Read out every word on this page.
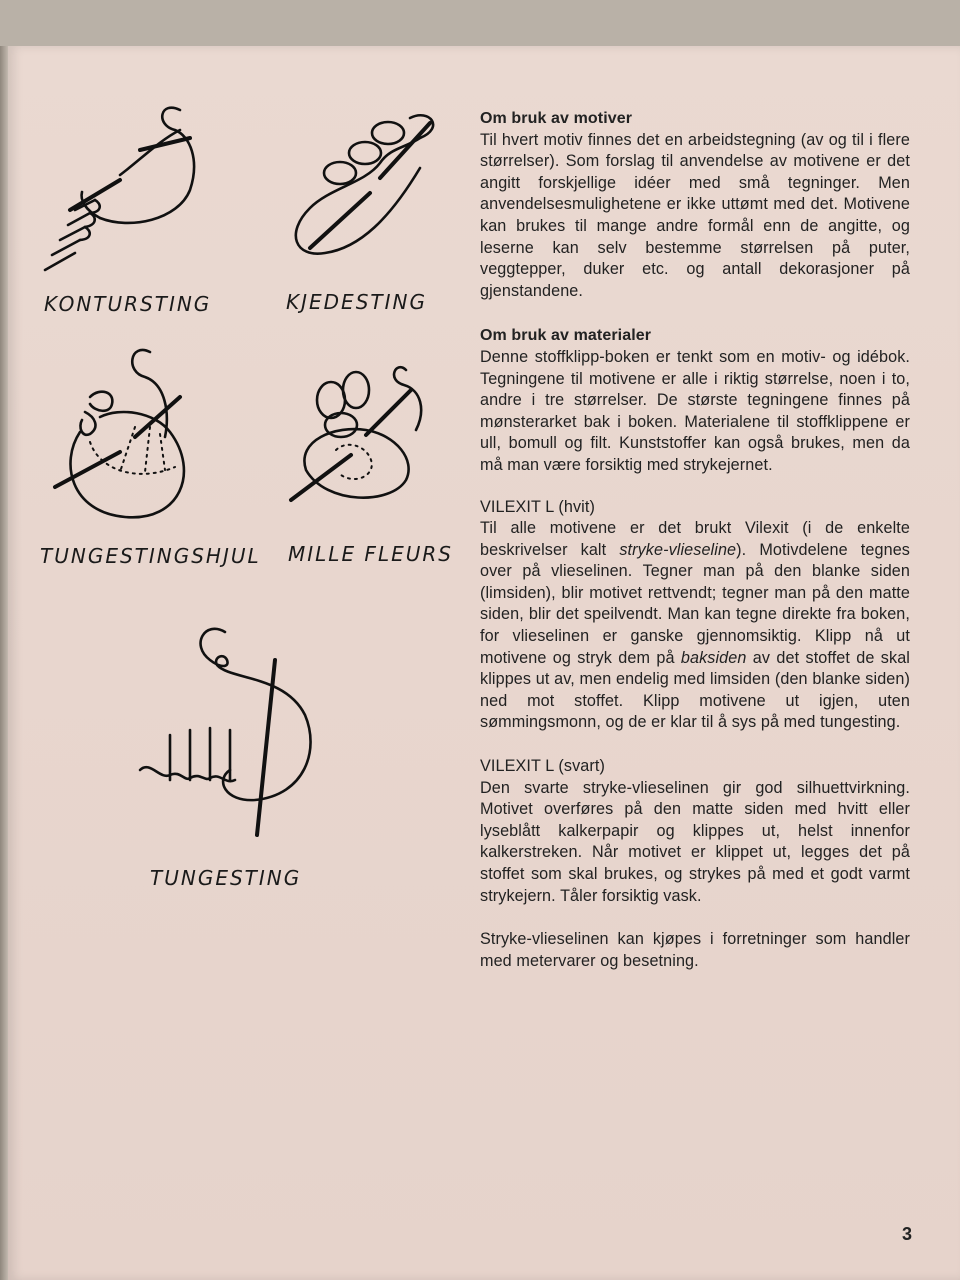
KONTURSTING	KJEDESTING
TUNGESTINGSHJUL MILLE FLEURS
TUNGESTING
Om bruk av motiver

Til hvert motiv finnes det en arbeidstegning (av og til i flere størrelser). Som forslag til anvendelse av motivene er det angitt forskjellige idéer med små tegninger. Men anvendelsesmulighetene er ikke uttømt med det. Motivene kan brukes til mange andre formål enn de angitte, og leserne kan selv bestemme størrelsen på puter, veggtepper, duker etc. og antall dekorasjoner på gjenstandene.

Om bruk av materialer

Denne stoffklipp-boken er tenkt som en motiv- og idébok. Tegningene til motivene er alle i riktig størrelse, noen i to, andre i tre størrelser. De største tegningene finnes på mønsterarket bak i boken. Materialene til stoffklippene er ull, bomull og filt. Kunststoffer kan også brukes, men da må man være forsiktig med strykejernet.

VILEXIT L (hvit)

Til alle motivene er det brukt Vilexit (i de enkelte beskrivelser kalt stryke-vlieseline). Motivdelene tegnes over på vlieselinen. Tegner man på den blanke siden (limsiden), blir motivet rettvendt; tegner man på den matte siden, blir det speilvendt. Man kan tegne direkte fra boken, for vlieselinen er ganske gjennomsiktig. Klipp nå ut motivene og stryk dem på baksiden av det stoffet de skal klippes ut av, men endelig med limsiden (den blanke siden) ned mot stoffet. Klipp motivene ut igjen, uten sømmingsmonn, og de er klar til å sys på med tungesting.

VILEXIT L (svart)

Den svarte stryke-vlieselinen gir god silhuettvirkning. Motivet overføres på den matte siden med hvitt eller lyseblått kalkerpapir og klippes ut, helst innenfor kalkerstreken. Når motivet er klippet ut, legges det på stoffet som skal brukes, og strykes på med et godt varmt strykejern. Tåler forsiktig vask.

Stryke-vlieselinen kan kjøpes i forretninger som handler med metervarer og besetning.

3
